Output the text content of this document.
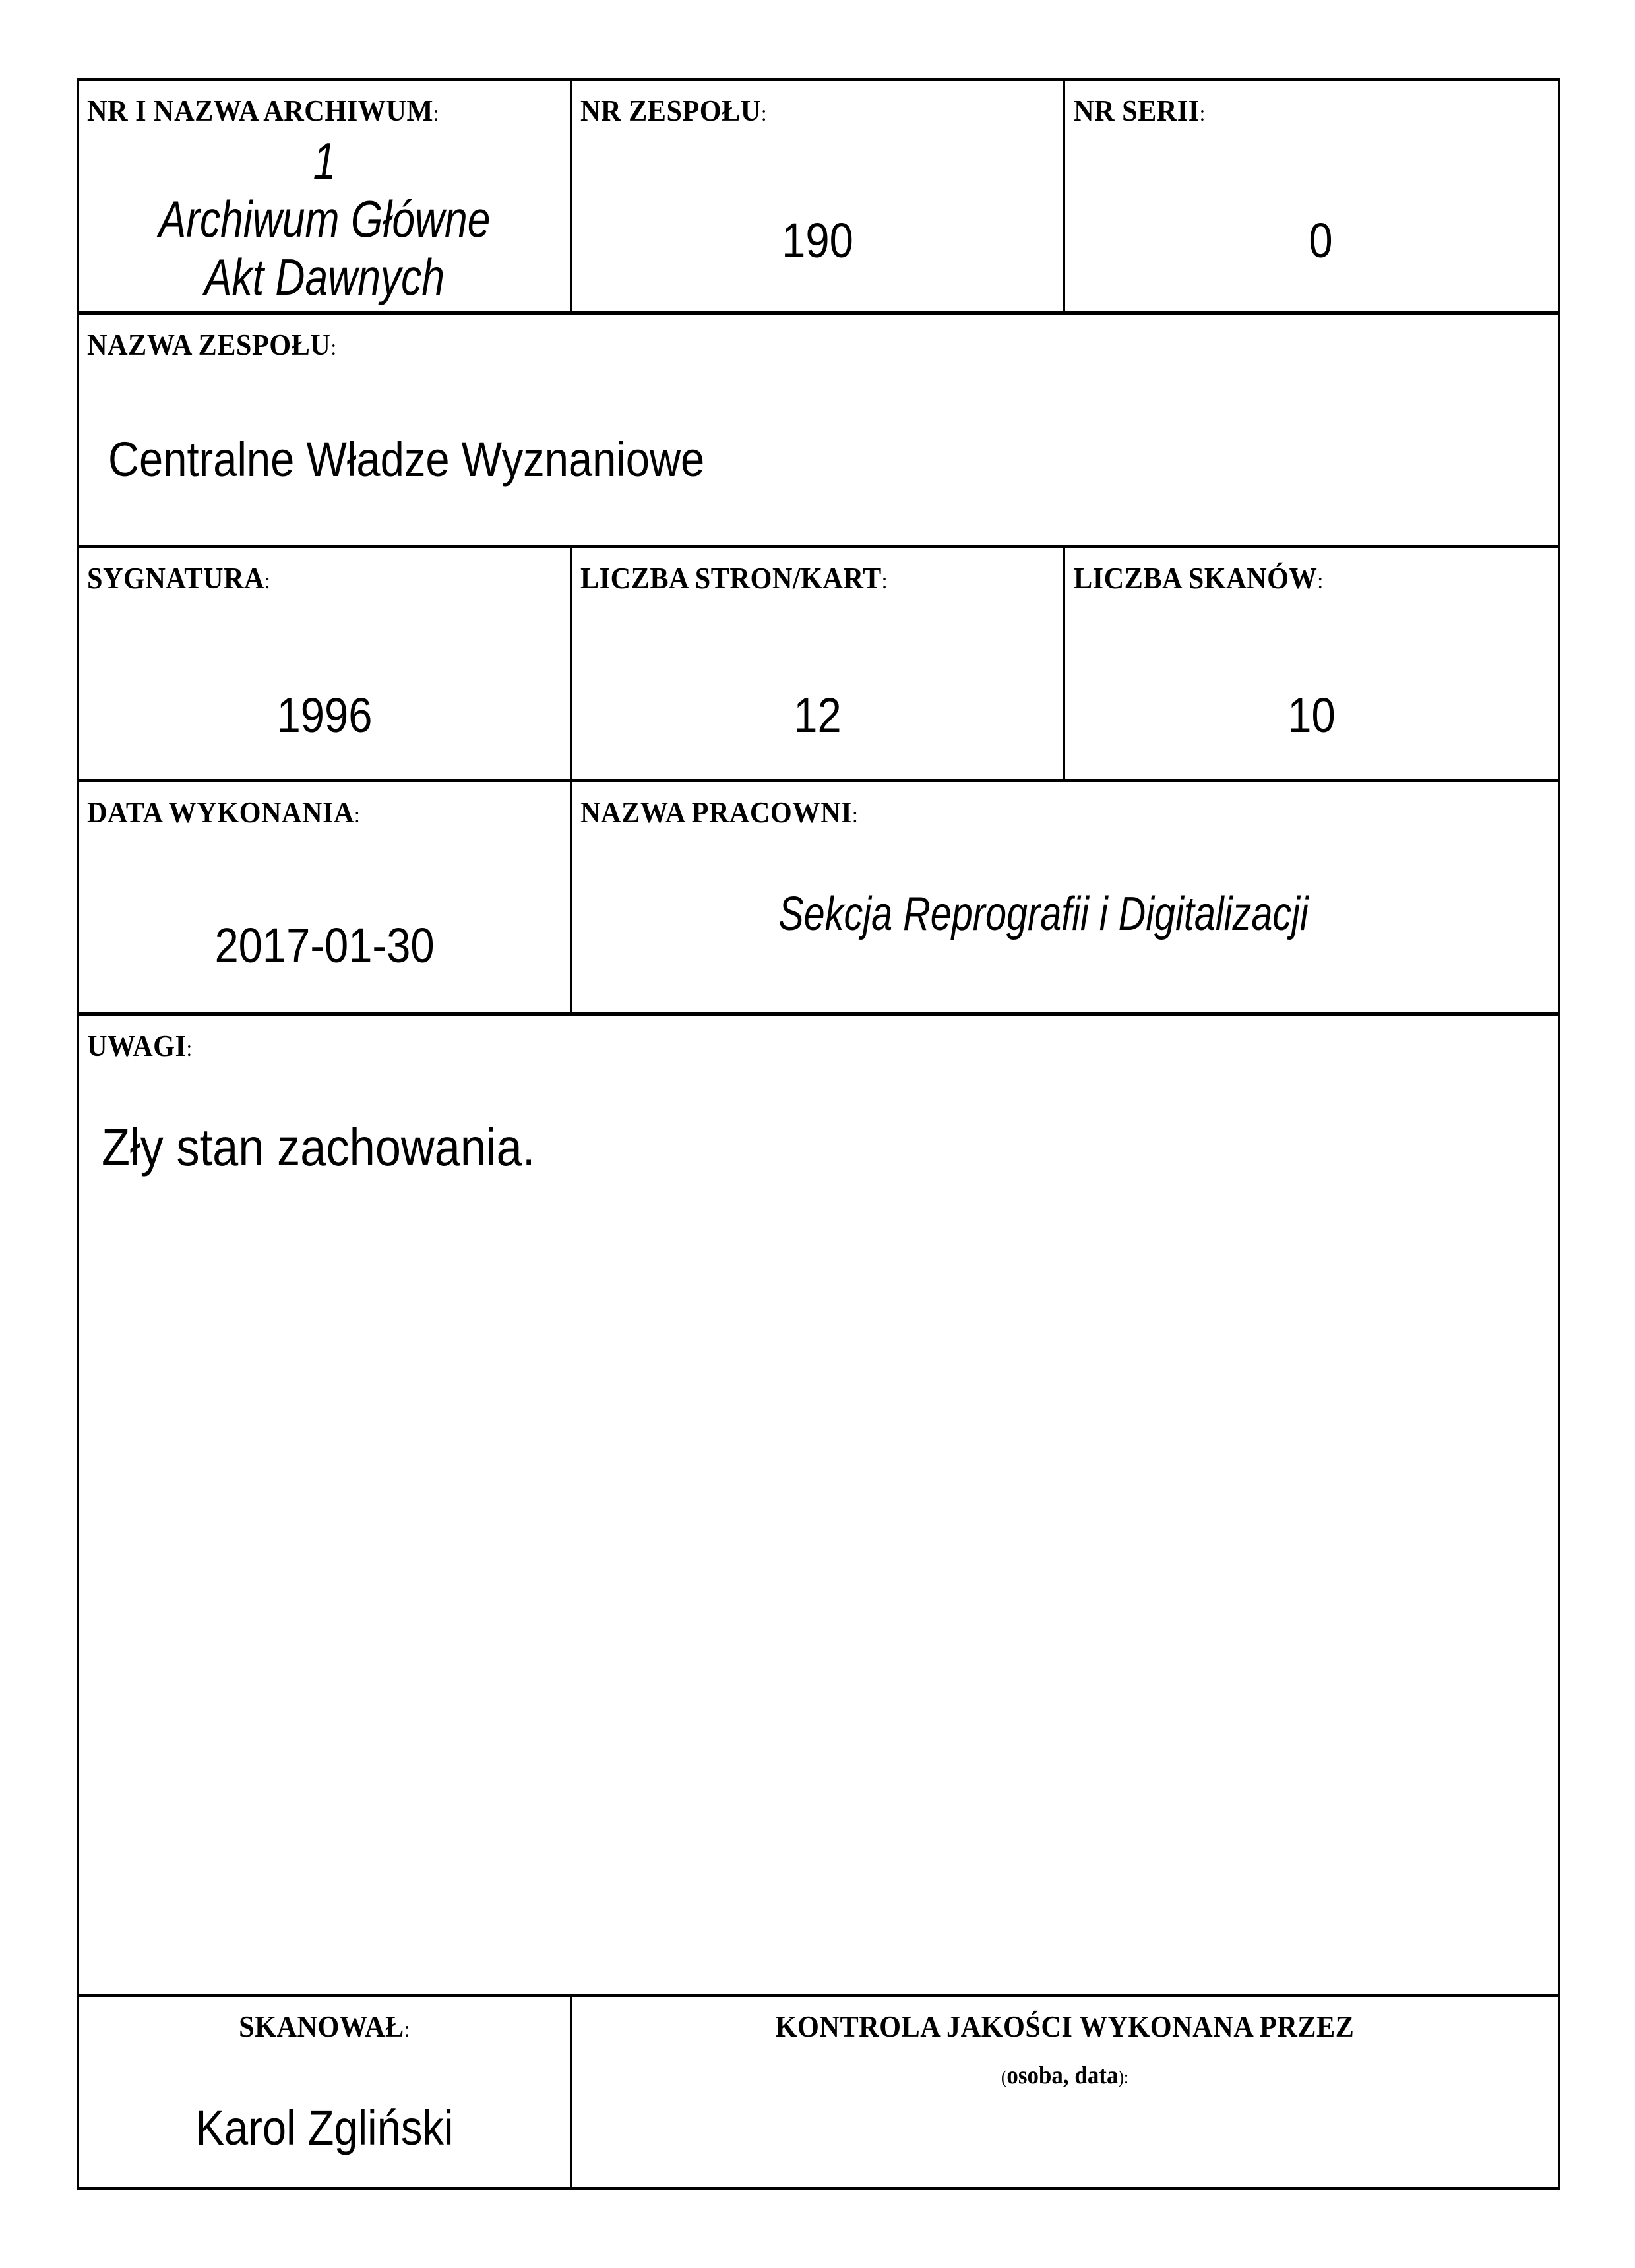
NR I NAZWA ARCHIWUM:
1
Archiwum Główne
Akt Dawnych
NR ZESPOŁU:
190
NR SERII:
0
NAZWA ZESPOŁU:
Centralne Władze Wyznaniowe
SYGNATURA:
1996
LICZBA STRON/KART:
12
LICZBA SKANÓW:
10
DATA WYKONANIA:
2017-01-30
NAZWA PRACOWNI:
Sekcja Reprografii i Digitalizacji
UWAGI:
Zły stan zachowania.
SKANOWAŁ:
Karol Zgliński
KONTROLA JAKOŚCI WYKONANA PRZEZ
(osoba, data):
